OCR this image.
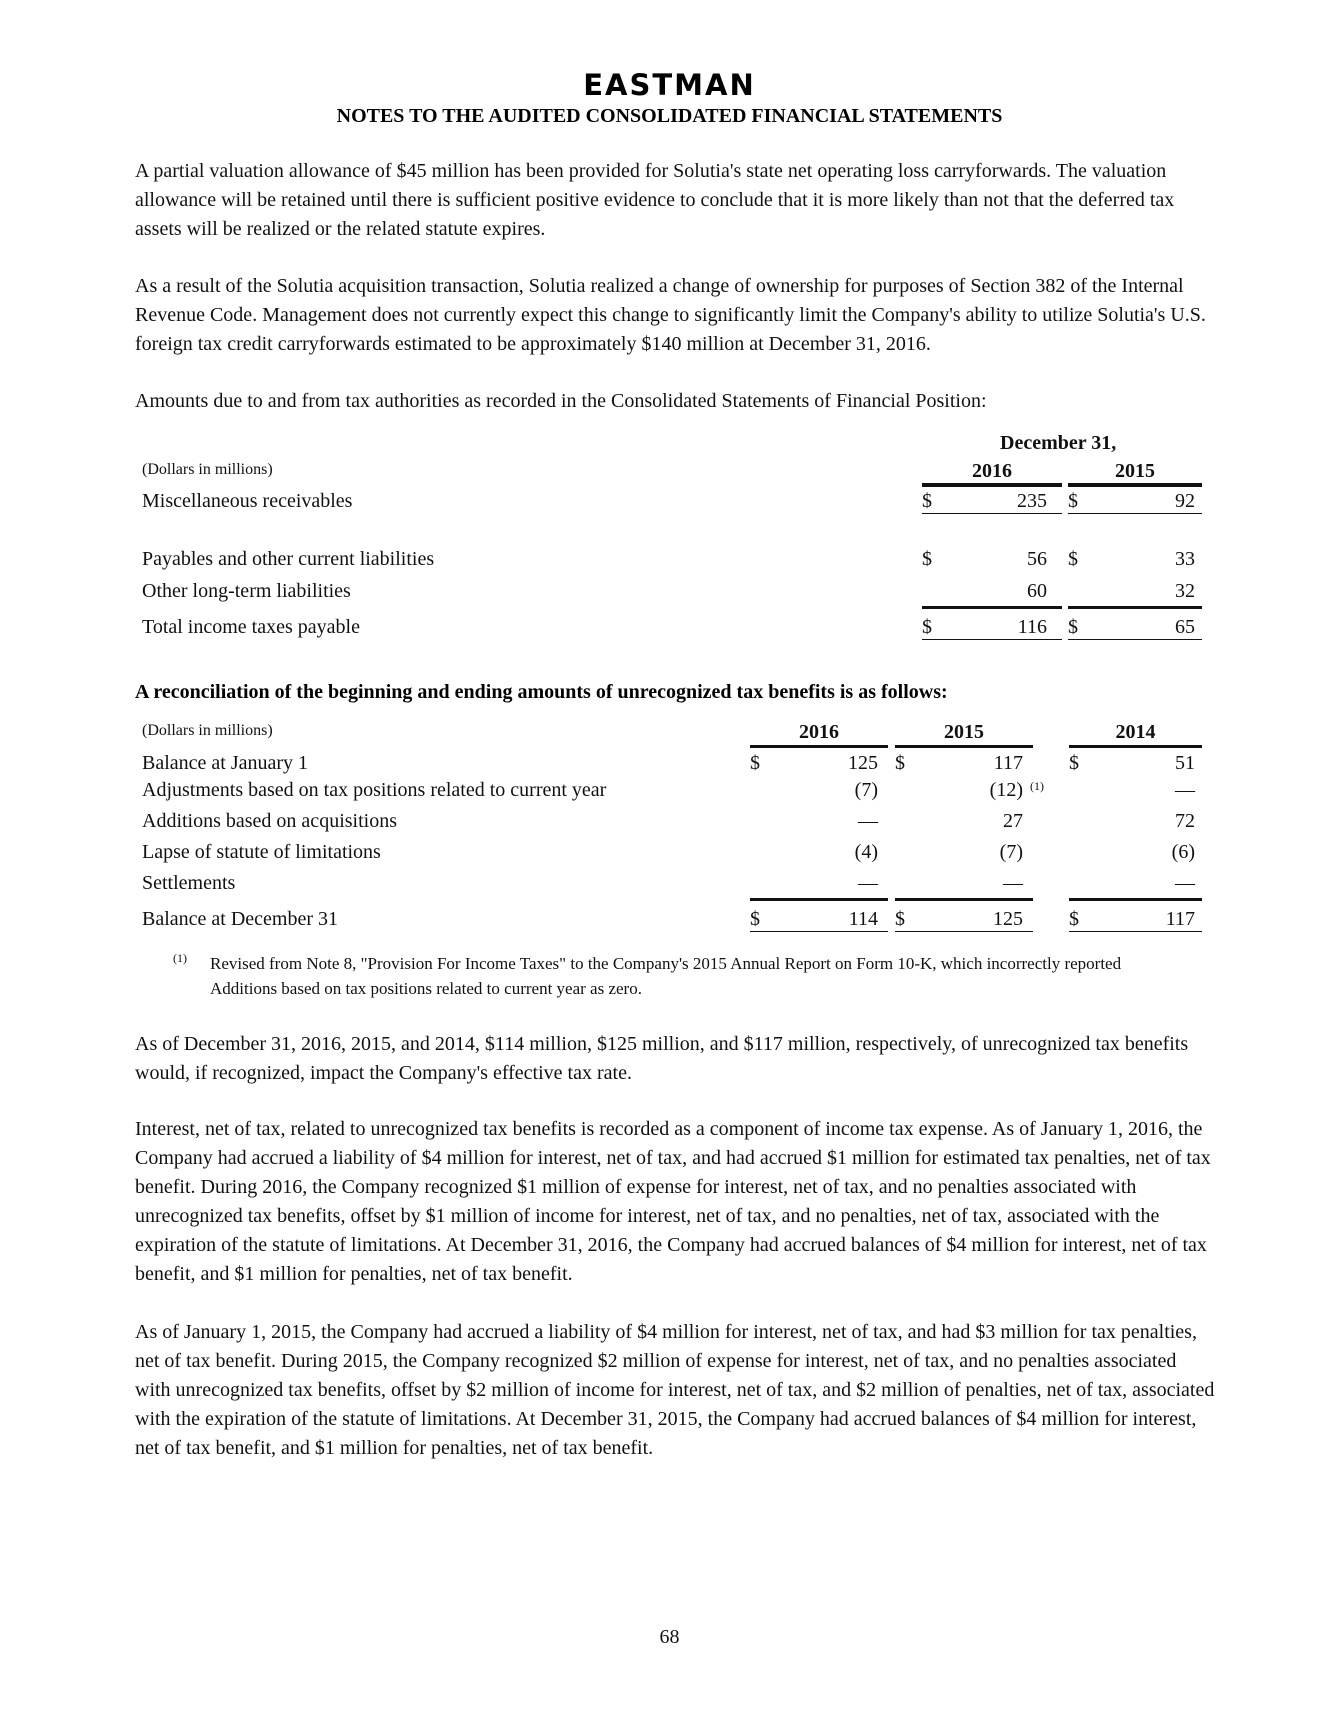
EASTMAN
NOTES TO THE AUDITED CONSOLIDATED FINANCIAL STATEMENTS

A partial valuation allowance of $45 million has been provided for Solutia's state net operating loss carryforwards. The valuation allowance will be retained until there is sufficient positive evidence to conclude that it is more likely than not that the deferred tax assets will be realized or the related statute expires.

As a result of the Solutia acquisition transaction, Solutia realized a change of ownership for purposes of Section 382 of the Internal Revenue Code. Management does not currently expect this change to significantly limit the Company's ability to utilize Solutia's U.S. foreign tax credit carryforwards estimated to be approximately $140 million at December 31, 2016.

Amounts due to and from tax authorities as recorded in the Consolidated Statements of Financial Position:

December 31,
(Dollars in millions)	2016	2015
Miscellaneous receivables	$	235 $	92
Payables and other current liabilities	$	56 $	33
Other long-term liabilities	60	32
Total income taxes payable	$	116 $	65
A reconciliation of the beginning and ending amounts of unrecognized tax benefits is as follows:
(Dollars in millions)	2016	2015	2014
Balance at January 1	$	125 $	117 $	51
Adjustments based on tax positions related to current year	(7)	(12) (1)	—
Additions based on acquisitions	—	27	72
Lapse of statute of limitations	(4)	(7)	(6)
Settlements	—	—	—
Balance at December 31	$	114 $	125 $	117
(1) Revised from Note 8, "Provision For Income Taxes" to the Company's 2015 Annual Report on Form 10-K, which incorrectly reported Additions based on tax positions related to current year as zero.

As of December 31, 2016, 2015, and 2014, $114 million, $125 million, and $117 million, respectively, of unrecognized tax benefits would, if recognized, impact the Company's effective tax rate.

Interest, net of tax, related to unrecognized tax benefits is recorded as a component of income tax expense. As of January 1, 2016, the Company had accrued a liability of $4 million for interest, net of tax, and had accrued $1 million for estimated tax penalties, net of tax benefit. During 2016, the Company recognized $1 million of expense for interest, net of tax, and no penalties associated with unrecognized tax benefits, offset by $1 million of income for interest, net of tax, and no penalties, net of tax, associated with the expiration of the statute of limitations. At December 31, 2016, the Company had accrued balances of $4 million for interest, net of tax benefit, and $1 million for penalties, net of tax benefit.

As of January 1, 2015, the Company had accrued a liability of $4 million for interest, net of tax, and had $3 million for tax penalties, net of tax benefit. During 2015, the Company recognized $2 million of expense for interest, net of tax, and no penalties associated with unrecognized tax benefits, offset by $2 million of income for interest, net of tax, and $2 million of penalties, net of tax, associated with the expiration of the statute of limitations. At December 31, 2015, the Company had accrued balances of $4 million for interest, net of tax benefit, and $1 million for penalties, net of tax benefit.

68
